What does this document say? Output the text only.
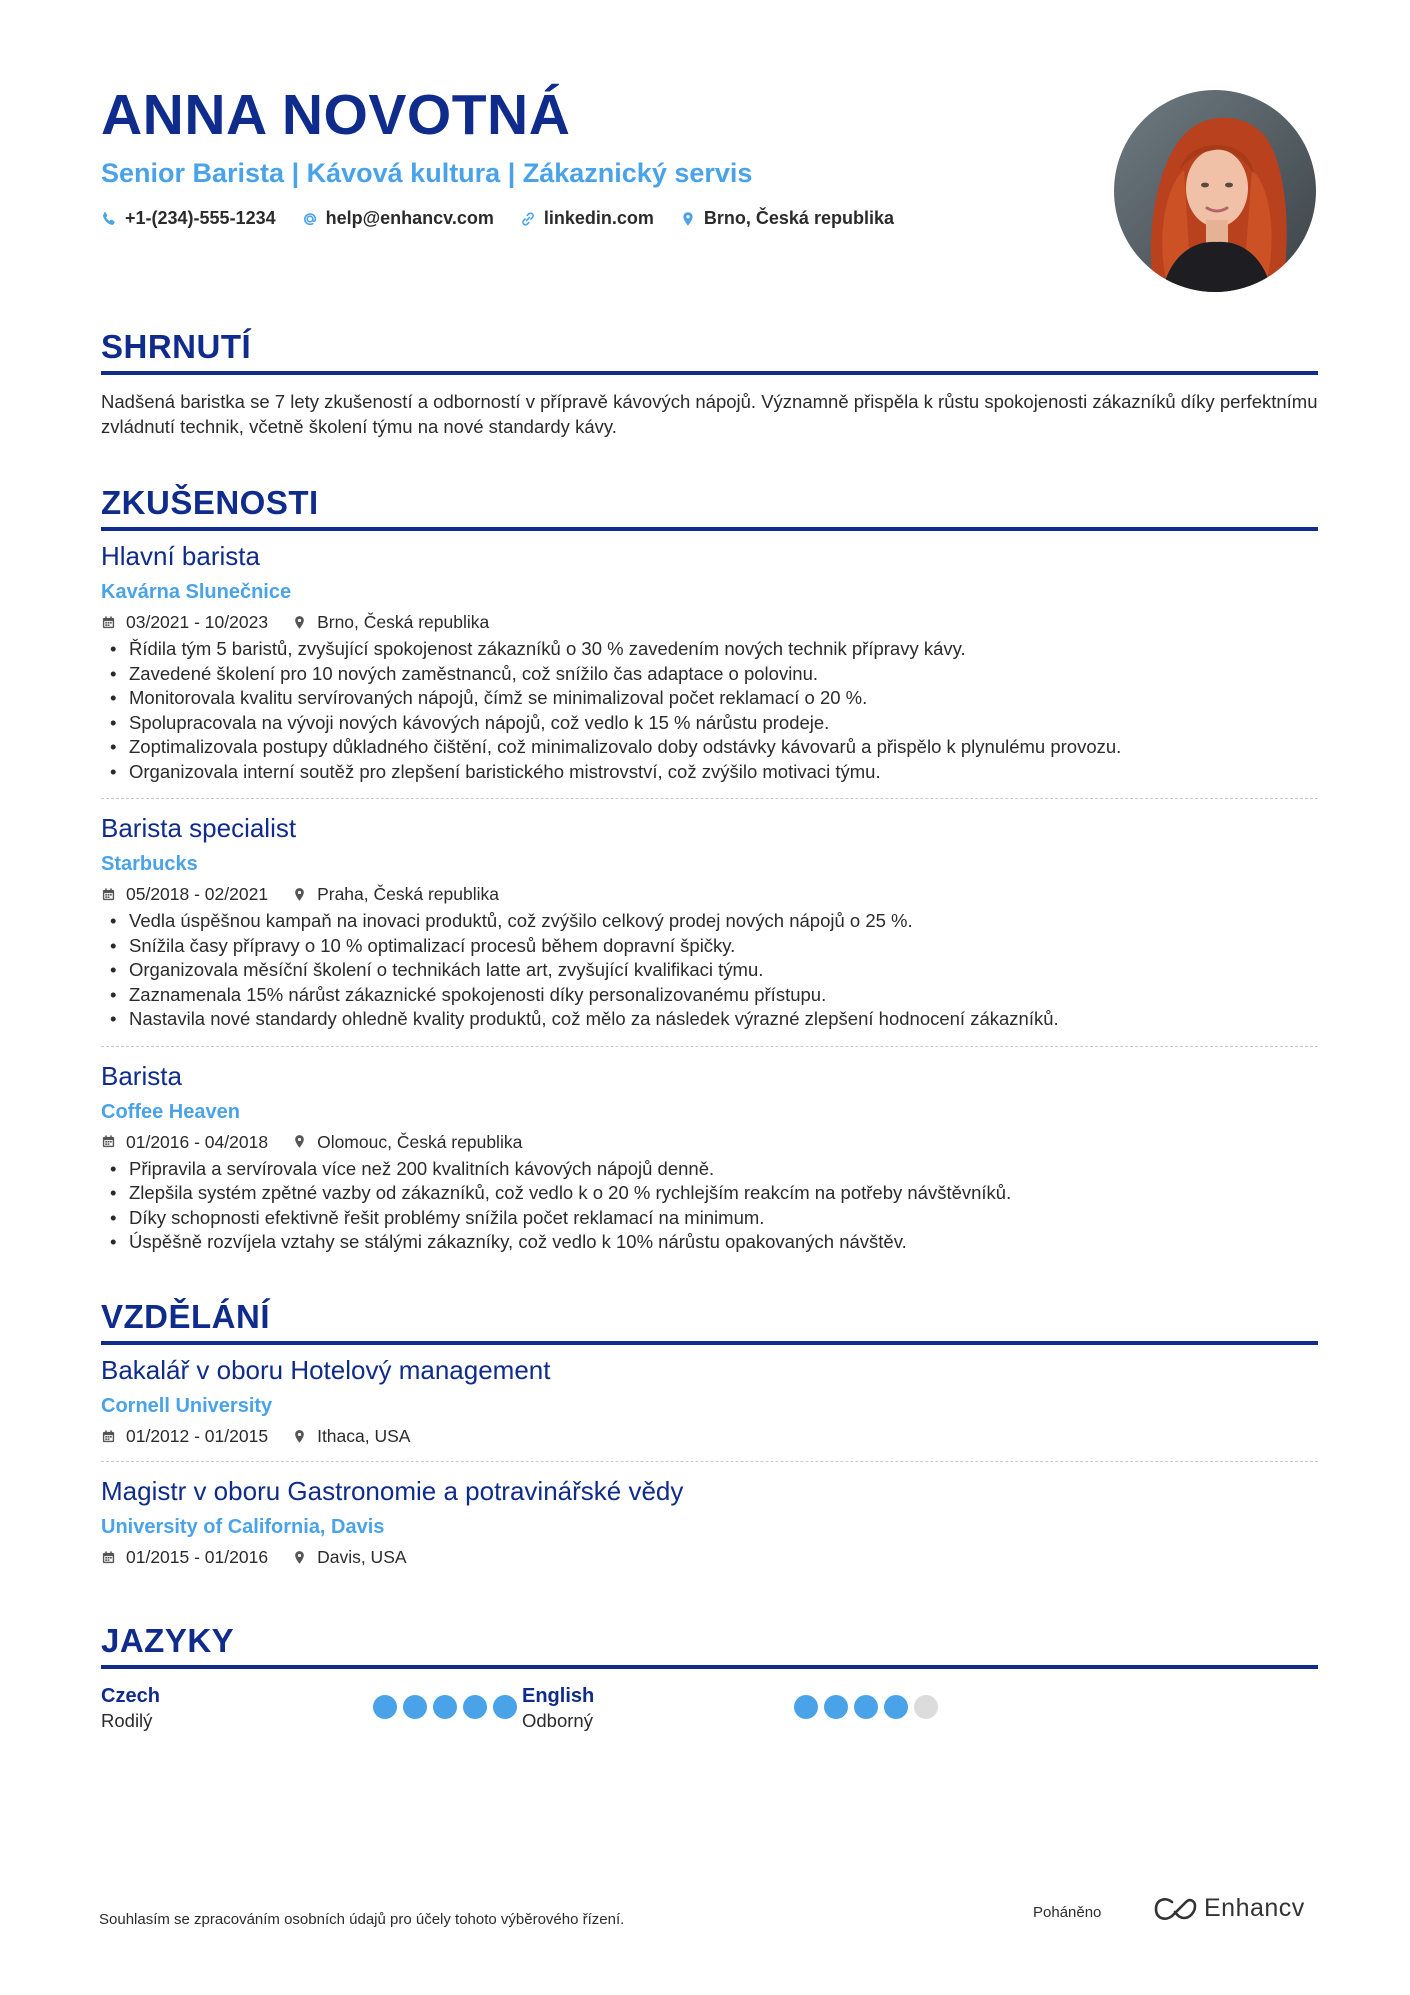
ANNA NOVOTNÁ
Senior Barista | Kávová kultura | Zákaznický servis
+1-(234)-555-1234	help@enhancv.com	linkedin.com	Brno, Česká republika
SHRNUTÍ
Nadšená baristka se 7 lety zkušeností a odborností v přípravě kávových nápojů. Významně přispěla k růstu spokojenosti zákazníků díky perfektnímu zvládnutí technik, včetně školení týmu na nové standardy kávy.
ZKUŠENOSTI
Hlavní barista
Kavárna Slunečnice
03/2021 - 10/2023	Brno, Česká republika
• Řídila tým 5 baristů, zvyšující spokojenost zákazníků o 30 % zavedením nových technik přípravy kávy.
• Zavedené školení pro 10 nových zaměstnanců, což snížilo čas adaptace o polovinu.
• Monitorovala kvalitu servírovaných nápojů, čímž se minimalizoval počet reklamací o 20 %.
• Spolupracovala na vývoji nových kávových nápojů, což vedlo k 15 % nárůstu prodeje.
• Zoptimalizovala postupy důkladného čištění, což minimalizovalo doby odstávky kávovarů a přispělo k plynulému provozu.
• Organizovala interní soutěž pro zlepšení baristického mistrovství, což zvýšilo motivaci týmu.
Barista specialist
Starbucks
05/2018 - 02/2021	Praha, Česká republika
• Vedla úspěšnou kampaň na inovaci produktů, což zvýšilo celkový prodej nových nápojů o 25 %.
• Snížila časy přípravy o 10 % optimalizací procesů během dopravní špičky.
• Organizovala měsíční školení o technikách latte art, zvyšující kvalifikaci týmu.
• Zaznamenala 15% nárůst zákaznické spokojenosti díky personalizovanému přístupu.
• Nastavila nové standardy ohledně kvality produktů, což mělo za následek výrazné zlepšení hodnocení zákazníků.
Barista
Coffee Heaven
01/2016 - 04/2018	Olomouc, Česká republika
• Připravila a servírovala více než 200 kvalitních kávových nápojů denně.
• Zlepšila systém zpětné vazby od zákazníků, což vedlo k o 20 % rychlejším reakcím na potřeby návštěvníků.
• Díky schopnosti efektivně řešit problémy snížila počet reklamací na minimum.
• Úspěšně rozvíjela vztahy se stálými zákazníky, což vedlo k 10% nárůstu opakovaných návštěv.
VZDĚLÁNÍ
Bakalář v oboru Hotelový management
Cornell University
01/2012 - 01/2015	Ithaca, USA
Magistr v oboru Gastronomie a potravinářské vědy
University of California, Davis
01/2015 - 01/2016	Davis, USA
JAZYKY
Czech
Rodilý
English
Odborný
Souhlasím se zpracováním osobních údajů pro účely tohoto výběrového řízení.	Poháněno	Enhancv
